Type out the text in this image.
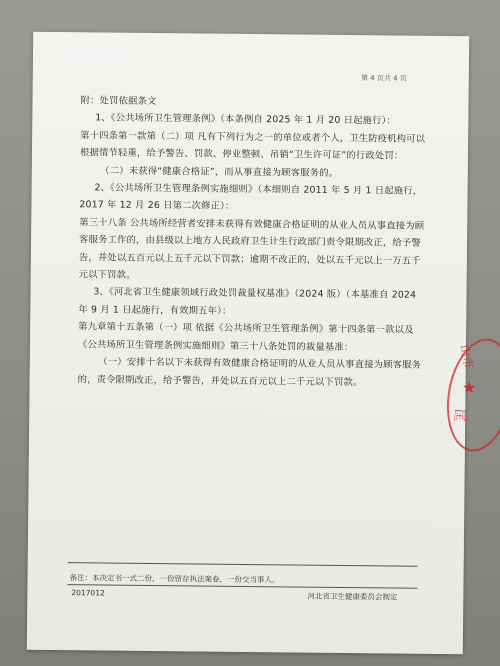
第 4 页共 4 页

附：处罚依据条文

1、《公共场所卫生管理条例》（本条例自 2025 年 1 月 20 日起施行）：

第十四条第一款第（二）项 凡有下列行为之一的单位或者个人，卫生防疫机构可以根据情节轻重，给予警告、罚款、停业整顿、吊销“卫生许可证”的行政处罚：

（二）未获得“健康合格证”，而从事直接为顾客服务的。

2、《公共场所卫生管理条例实施细则》（本细则自 2011 年 5 月 1 日起施行，2017 年 12 月 26 日第二次修正）：

第三十八条 公共场所经营者安排未获得有效健康合格证明的从业人员从事直接为顾客服务工作的，由县级以上地方人民政府卫生计生行政部门责令限期改正，给予警告，并处以五百元以上五千元以下罚款；逾期不改正的，处以五千元以上一万五千元以下罚款。

3、《河北省卫生健康领域行政处罚裁量权基准》（2024 版）（本基准自 2024 年 9 月 1 日起施行，有效期五年）：

第九章第十五条第（一）项 依据《公共场所卫生管理条例》第十四条第一款以及《公共场所卫生管理条例实施细则》第三十八条处罚的裁量基准：

（一）安排十名以下未获得有效健康合格证明的从业人员从事直接为顾客服务的，责令限期改正，给予警告，并处以五百元以上二千元以下罚款。

备注：本决定书一式二份，一份留存执法案卷，一份交当事人。
2017012	河北省卫生健康委员会制定
山市
★
匡
